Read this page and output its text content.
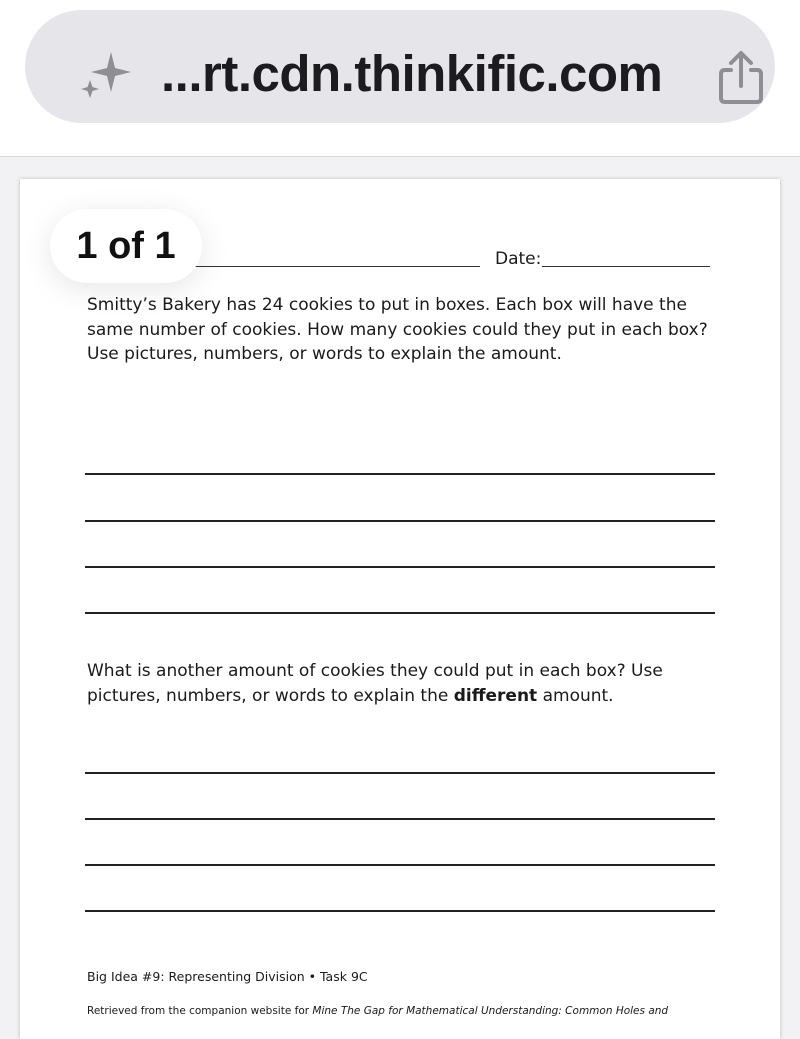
...rt.cdn.thinkific.com
Date:
Smitty’s Bakery has 24 cookies to put in boxes. Each box will have the same number of cookies. How many cookies could they put in each box? Use pictures, numbers, or words to explain the amount.
What is another amount of cookies they could put in each box? Use pictures, numbers, or words to explain the different amount.
Big Idea #9: Representing Division • Task 9C
Retrieved from the companion website for Mine The Gap for Mathematical Understanding: Common Holes and
1 of 1
